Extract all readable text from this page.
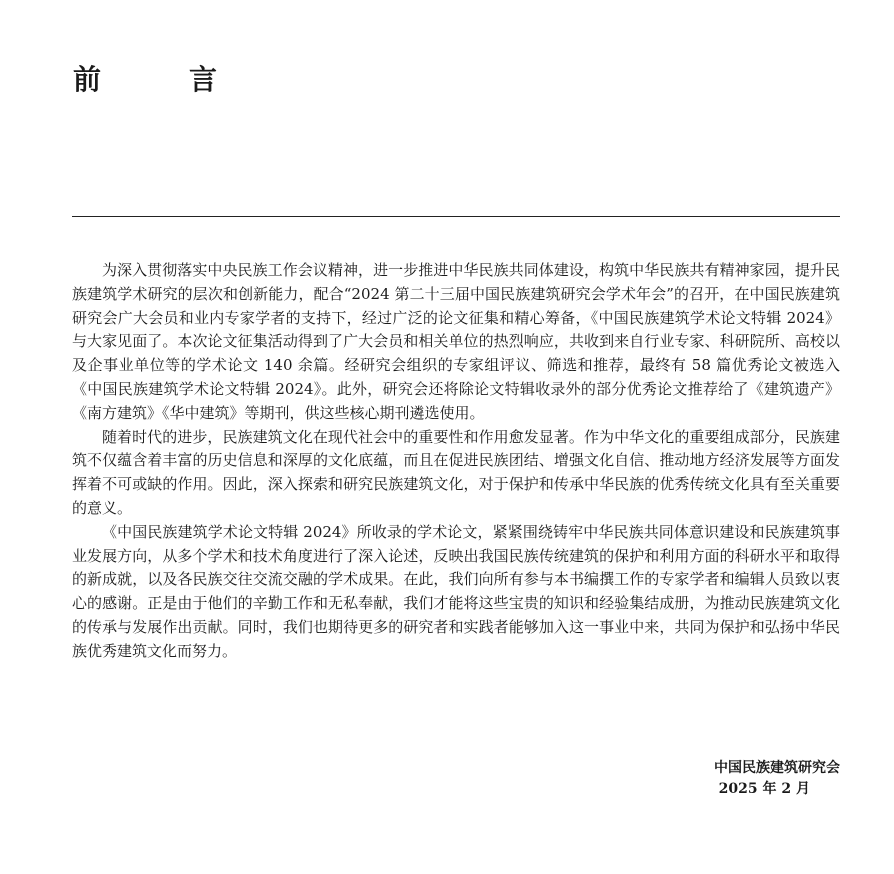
前　言

为深入贯彻落实中央民族工作会议精神，进一步推进中华民族共同体建设，构筑中华民族共有精神家园，提升民族建筑学术研究的层次和创新能力，配合“2024 第二十三届中国民族建筑研究会学术年会”的召开，在中国民族建筑研究会广大会员和业内专家学者的支持下，经过广泛的论文征集和精心筹备，《中国民族建筑学术论文特辑 2024》与大家见面了。本次论文征集活动得到了广大会员和相关单位的热烈响应，共收到来自行业专家、科研院所、高校以及企事业单位等的学术论文 140 余篇。经研究会组织的专家组评议、筛选和推荐，最终有 58 篇优秀论文被选入《中国民族建筑学术论文特辑 2024》。此外，研究会还将除论文特辑收录外的部分优秀论文推荐给了《建筑遗产》《南方建筑》《华中建筑》等期刊，供这些核心期刊遴选使用。

随着时代的进步，民族建筑文化在现代社会中的重要性和作用愈发显著。作为中华文化的重要组成部分，民族建筑不仅蕴含着丰富的历史信息和深厚的文化底蕴，而且在促进民族团结、增强文化自信、推动地方经济发展等方面发挥着不可或缺的作用。因此，深入探索和研究民族建筑文化，对于保护和传承中华民族的优秀传统文化具有至关重要的意义。

《中国民族建筑学术论文特辑 2024》所收录的学术论文，紧紧围绕铸牢中华民族共同体意识建设和民族建筑事业发展方向，从多个学术和技术角度进行了深入论述，反映出我国民族传统建筑的保护和利用方面的科研水平和取得的新成就，以及各民族交往交流交融的学术成果。在此，我们向所有参与本书编撰工作的专家学者和编辑人员致以衷心的感谢。正是由于他们的辛勤工作和无私奉献，我们才能将这些宝贵的知识和经验集结成册，为推动民族建筑文化的传承与发展作出贡献。同时，我们也期待更多的研究者和实践者能够加入这一事业中来，共同为保护和弘扬中华民族优秀建筑文化而努力。

中国民族建筑研究会
2025 年 2 月
